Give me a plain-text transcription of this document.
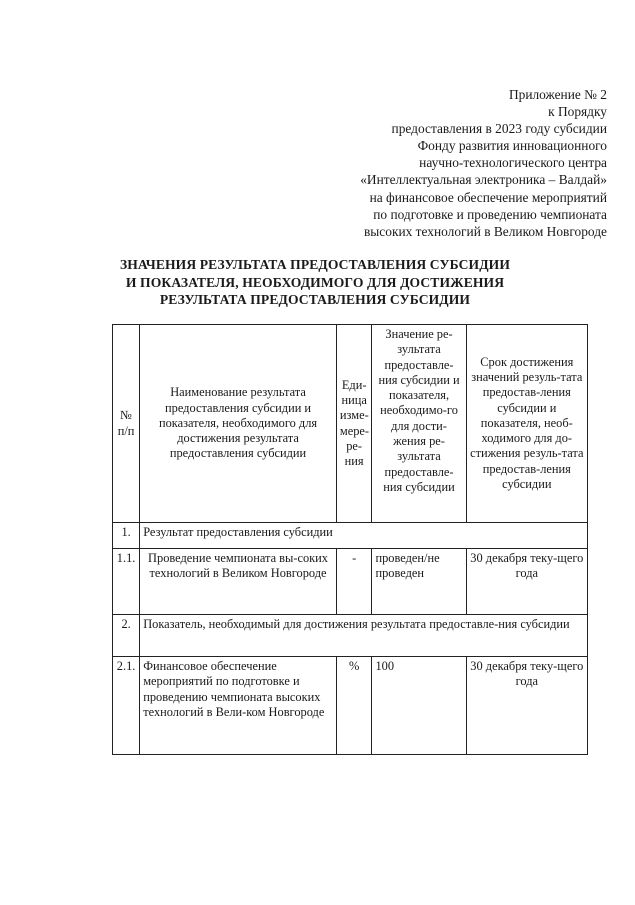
Приложение № 2
к Порядку
предоставления в 2023 году субсидии
Фонду развития инновационного
научно-технологического центра
«Интеллектуальная электроника – Валдай»
на финансовое обеспечение мероприятий
по подготовке и проведению чемпионата
высоких технологий в Великом Новгороде
ЗНАЧЕНИЯ РЕЗУЛЬТАТА ПРЕДОСТАВЛЕНИЯ СУБСИДИИ
И ПОКАЗАТЕЛЯ, НЕОБХОДИМОГО ДЛЯ ДОСТИЖЕНИЯ
РЕЗУЛЬТАТА ПРЕДОСТАВЛЕНИЯ СУБСИДИИ
№ п/п	Наименование результата предоставления субсидии и показателя, необходимого для достижения результата предоставления субсидии	Еди-ница изме-мере-ре-ния	Значение ре-зультата предоставле-ния субсидии и показателя, необходимо-го для дости-жения ре-зультата предоставле-ния субсидии	Срок достижения значений резуль-тата предостав-ления субсидии и показателя, необ-ходимого для до-стижения резуль-тата предостав-ления субсидии
1.	Результат предоставления субсидии			
1.1.	Проведение чемпионата вы-соких технологий в Великом Новгороде	-	проведен/не проведен	30 декабря теку-щего года
2.	Показатель, необходимый для достижения результата предоставле-ния субсидии			
2.1.	Финансовое обеспечение мероприятий по подготовке и проведению чемпионата высоких технологий в Вели-ком Новгороде	%	100	30 декабря теку-щего года
